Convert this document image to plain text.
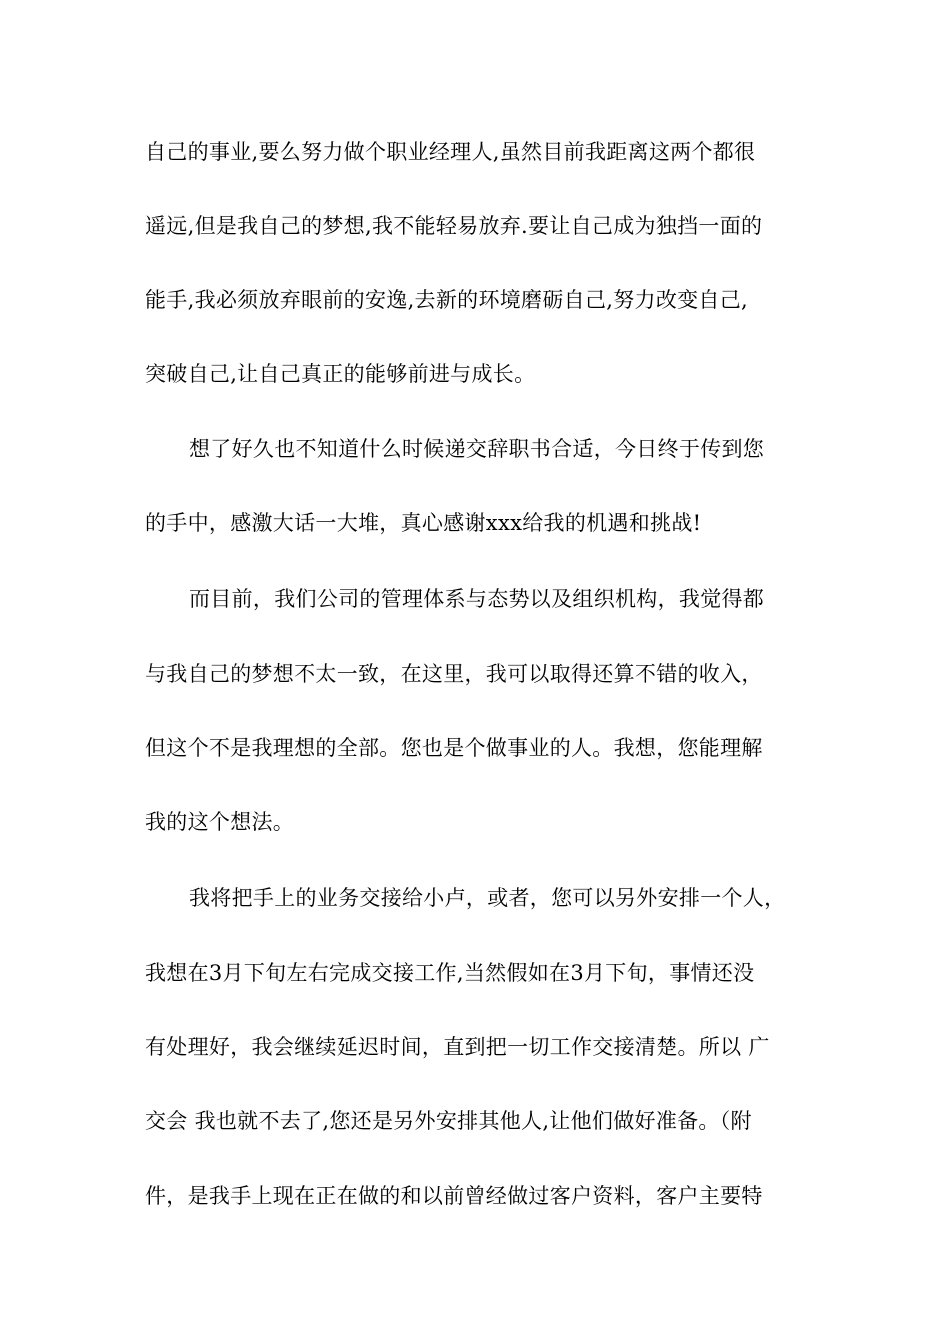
自己的事业,要么努力做个职业经理人,虽然目前我距离这两个都很
遥远,但是我自己的梦想,我不能轻易放弃.要让自己成为独挡一面的
能手,我必须放弃眼前的安逸,去新的环境磨砺自己,努力改变自己,
突破自己,让自己真正的能够前进与成长。
想了好久也不知道什么时候递交辞职书合适，今日终于传到您
的手中，感激大话一大堆，真心感谢xxx给我的机遇和挑战!
而目前，我们公司的管理体系与态势以及组织机构，我觉得都
与我自己的梦想不太一致，在这里，我可以取得还算不错的收入，
但这个不是我理想的全部。您也是个做事业的人。我想，您能理解
我的这个想法。
我将把手上的业务交接给小卢，或者，您可以另外安排一个人，
我想在3月下旬左右完成交接工作,当然假如在3月下旬，事情还没
有处理好，我会继续延迟时间，直到把一切工作交接清楚。所以 广
交会 我也就不去了,您还是另外安排其他人,让他们做好准备。（附
件，是我手上现在正在做的和以前曾经做过客户资料，客户主要特
